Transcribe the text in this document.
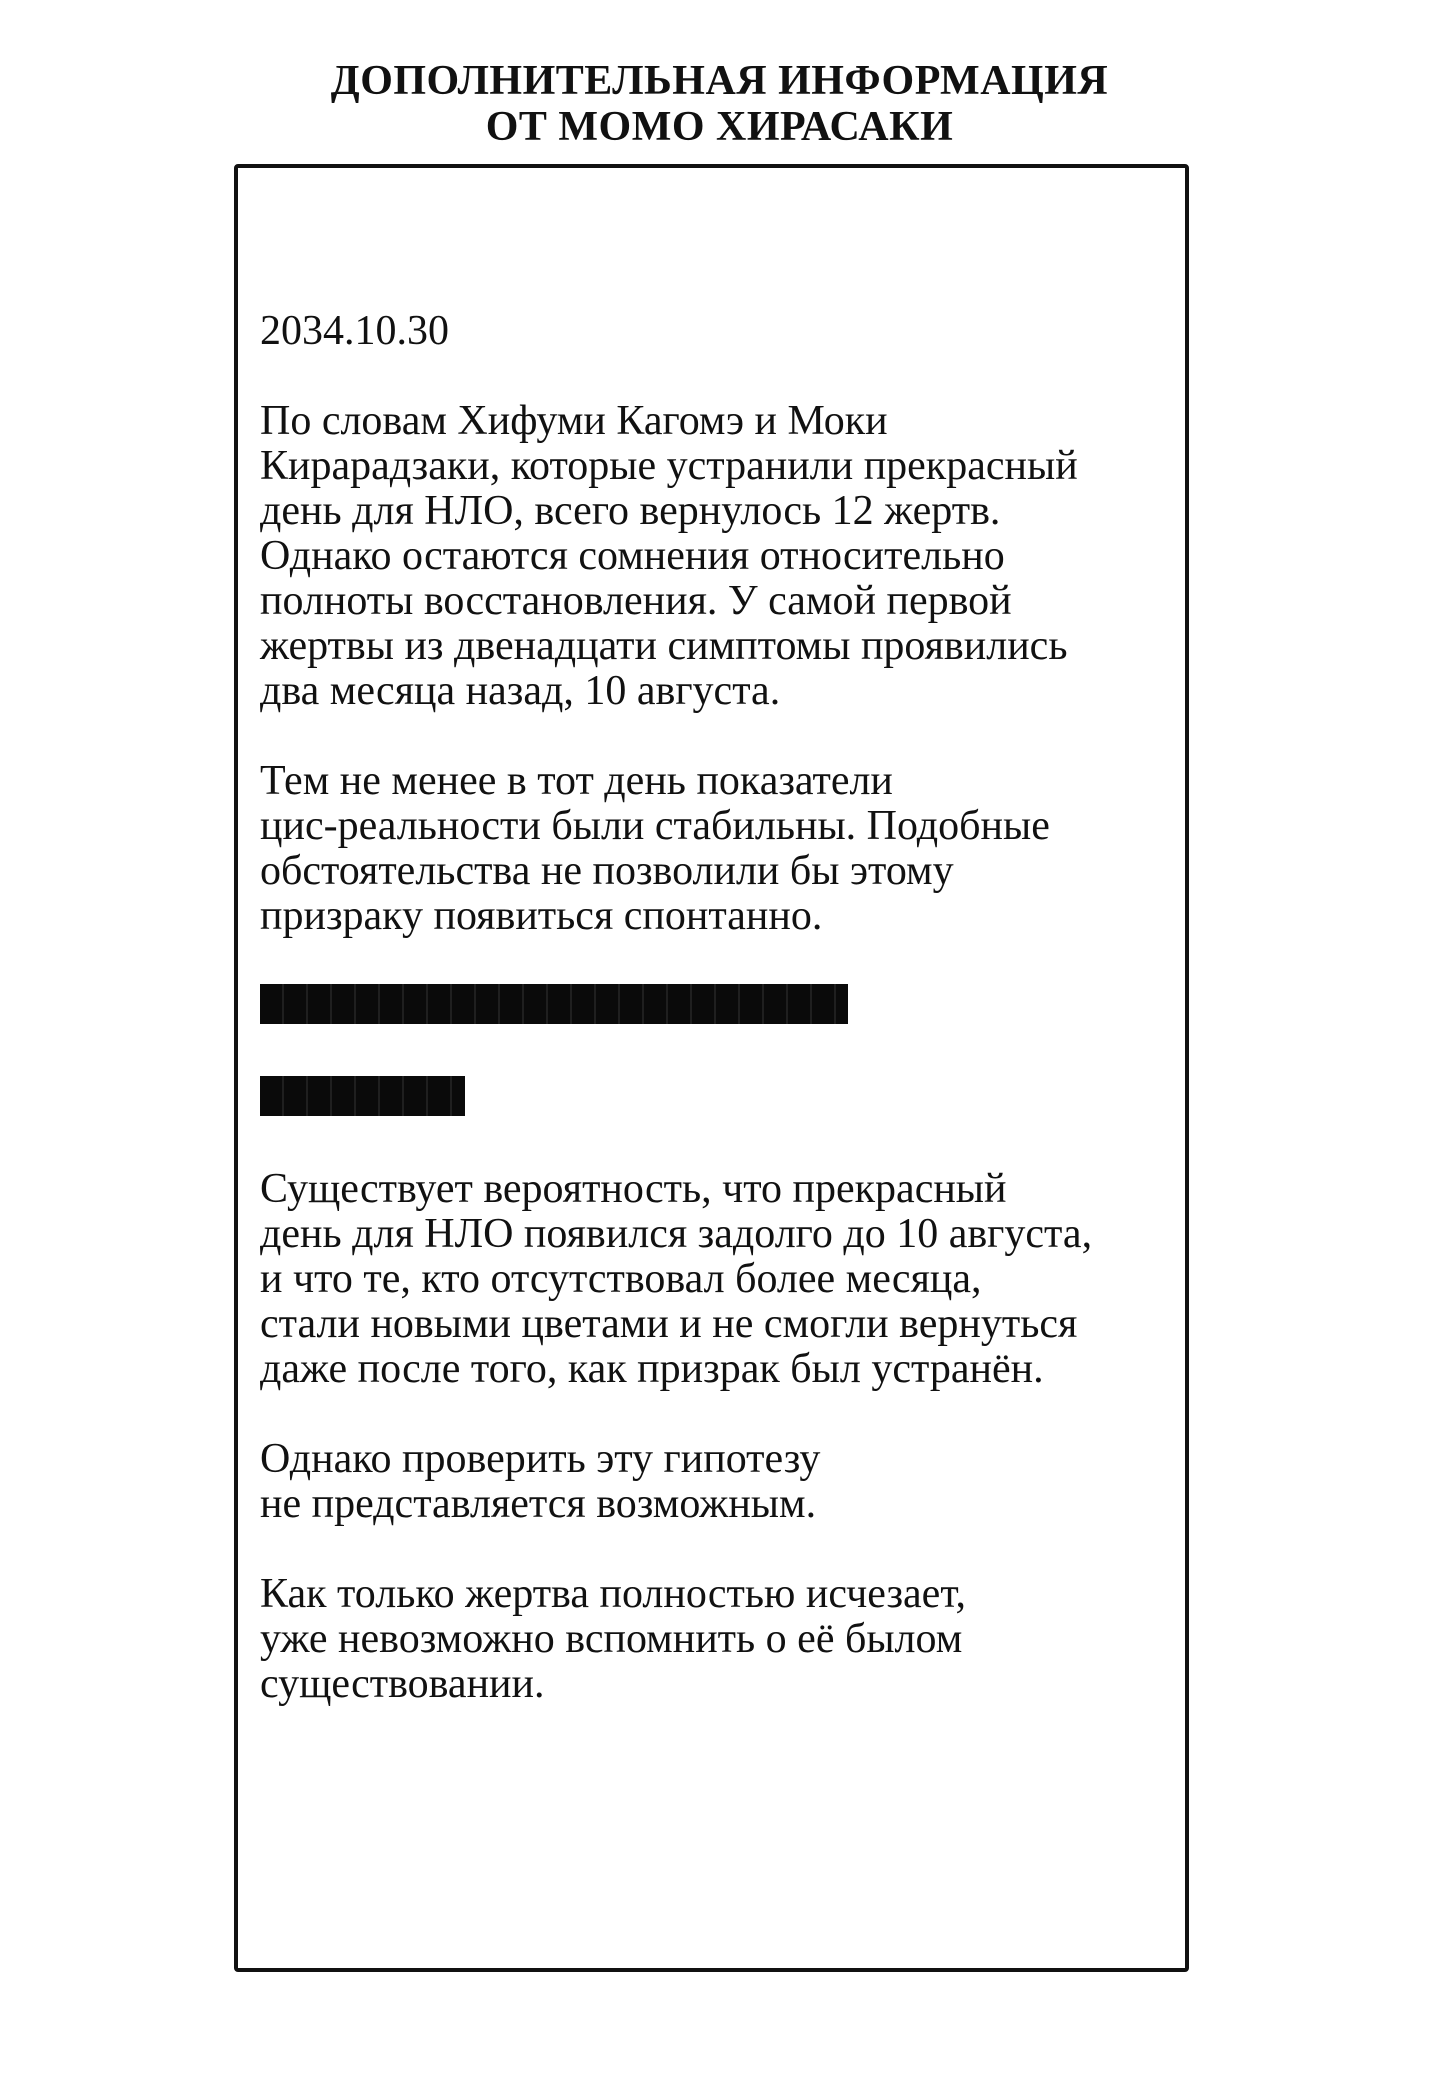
ДОПОЛНИТЕЛЬНАЯ ИНФОРМАЦИЯ
ОТ МОМО ХИРАСАКИ
2034.10.30
По словам Хифуми Кагомэ и Моки
Кирарадзаки, которые устранили прекрасный
день для НЛО, всего вернулось 12 жертв.
Однако остаются сомнения относительно
полноты восстановления. У самой первой
жертвы из двенадцати симптомы проявились
два месяца назад, 10 августа.
Тем не менее в тот день показатели
цис-реальности были стабильны. Подобные
обстоятельства не позволили бы этому
призраку появиться спонтанно.
Существует вероятность, что прекрасный
день для НЛО появился задолго до 10 августа,
и что те, кто отсутствовал более месяца,
стали новыми цветами и не смогли вернуться
даже после того, как призрак был устранён.
Однако проверить эту гипотезу
не представляется возможным.
Как только жертва полностью исчезает,
уже невозможно вспомнить о её былом
существовании.
